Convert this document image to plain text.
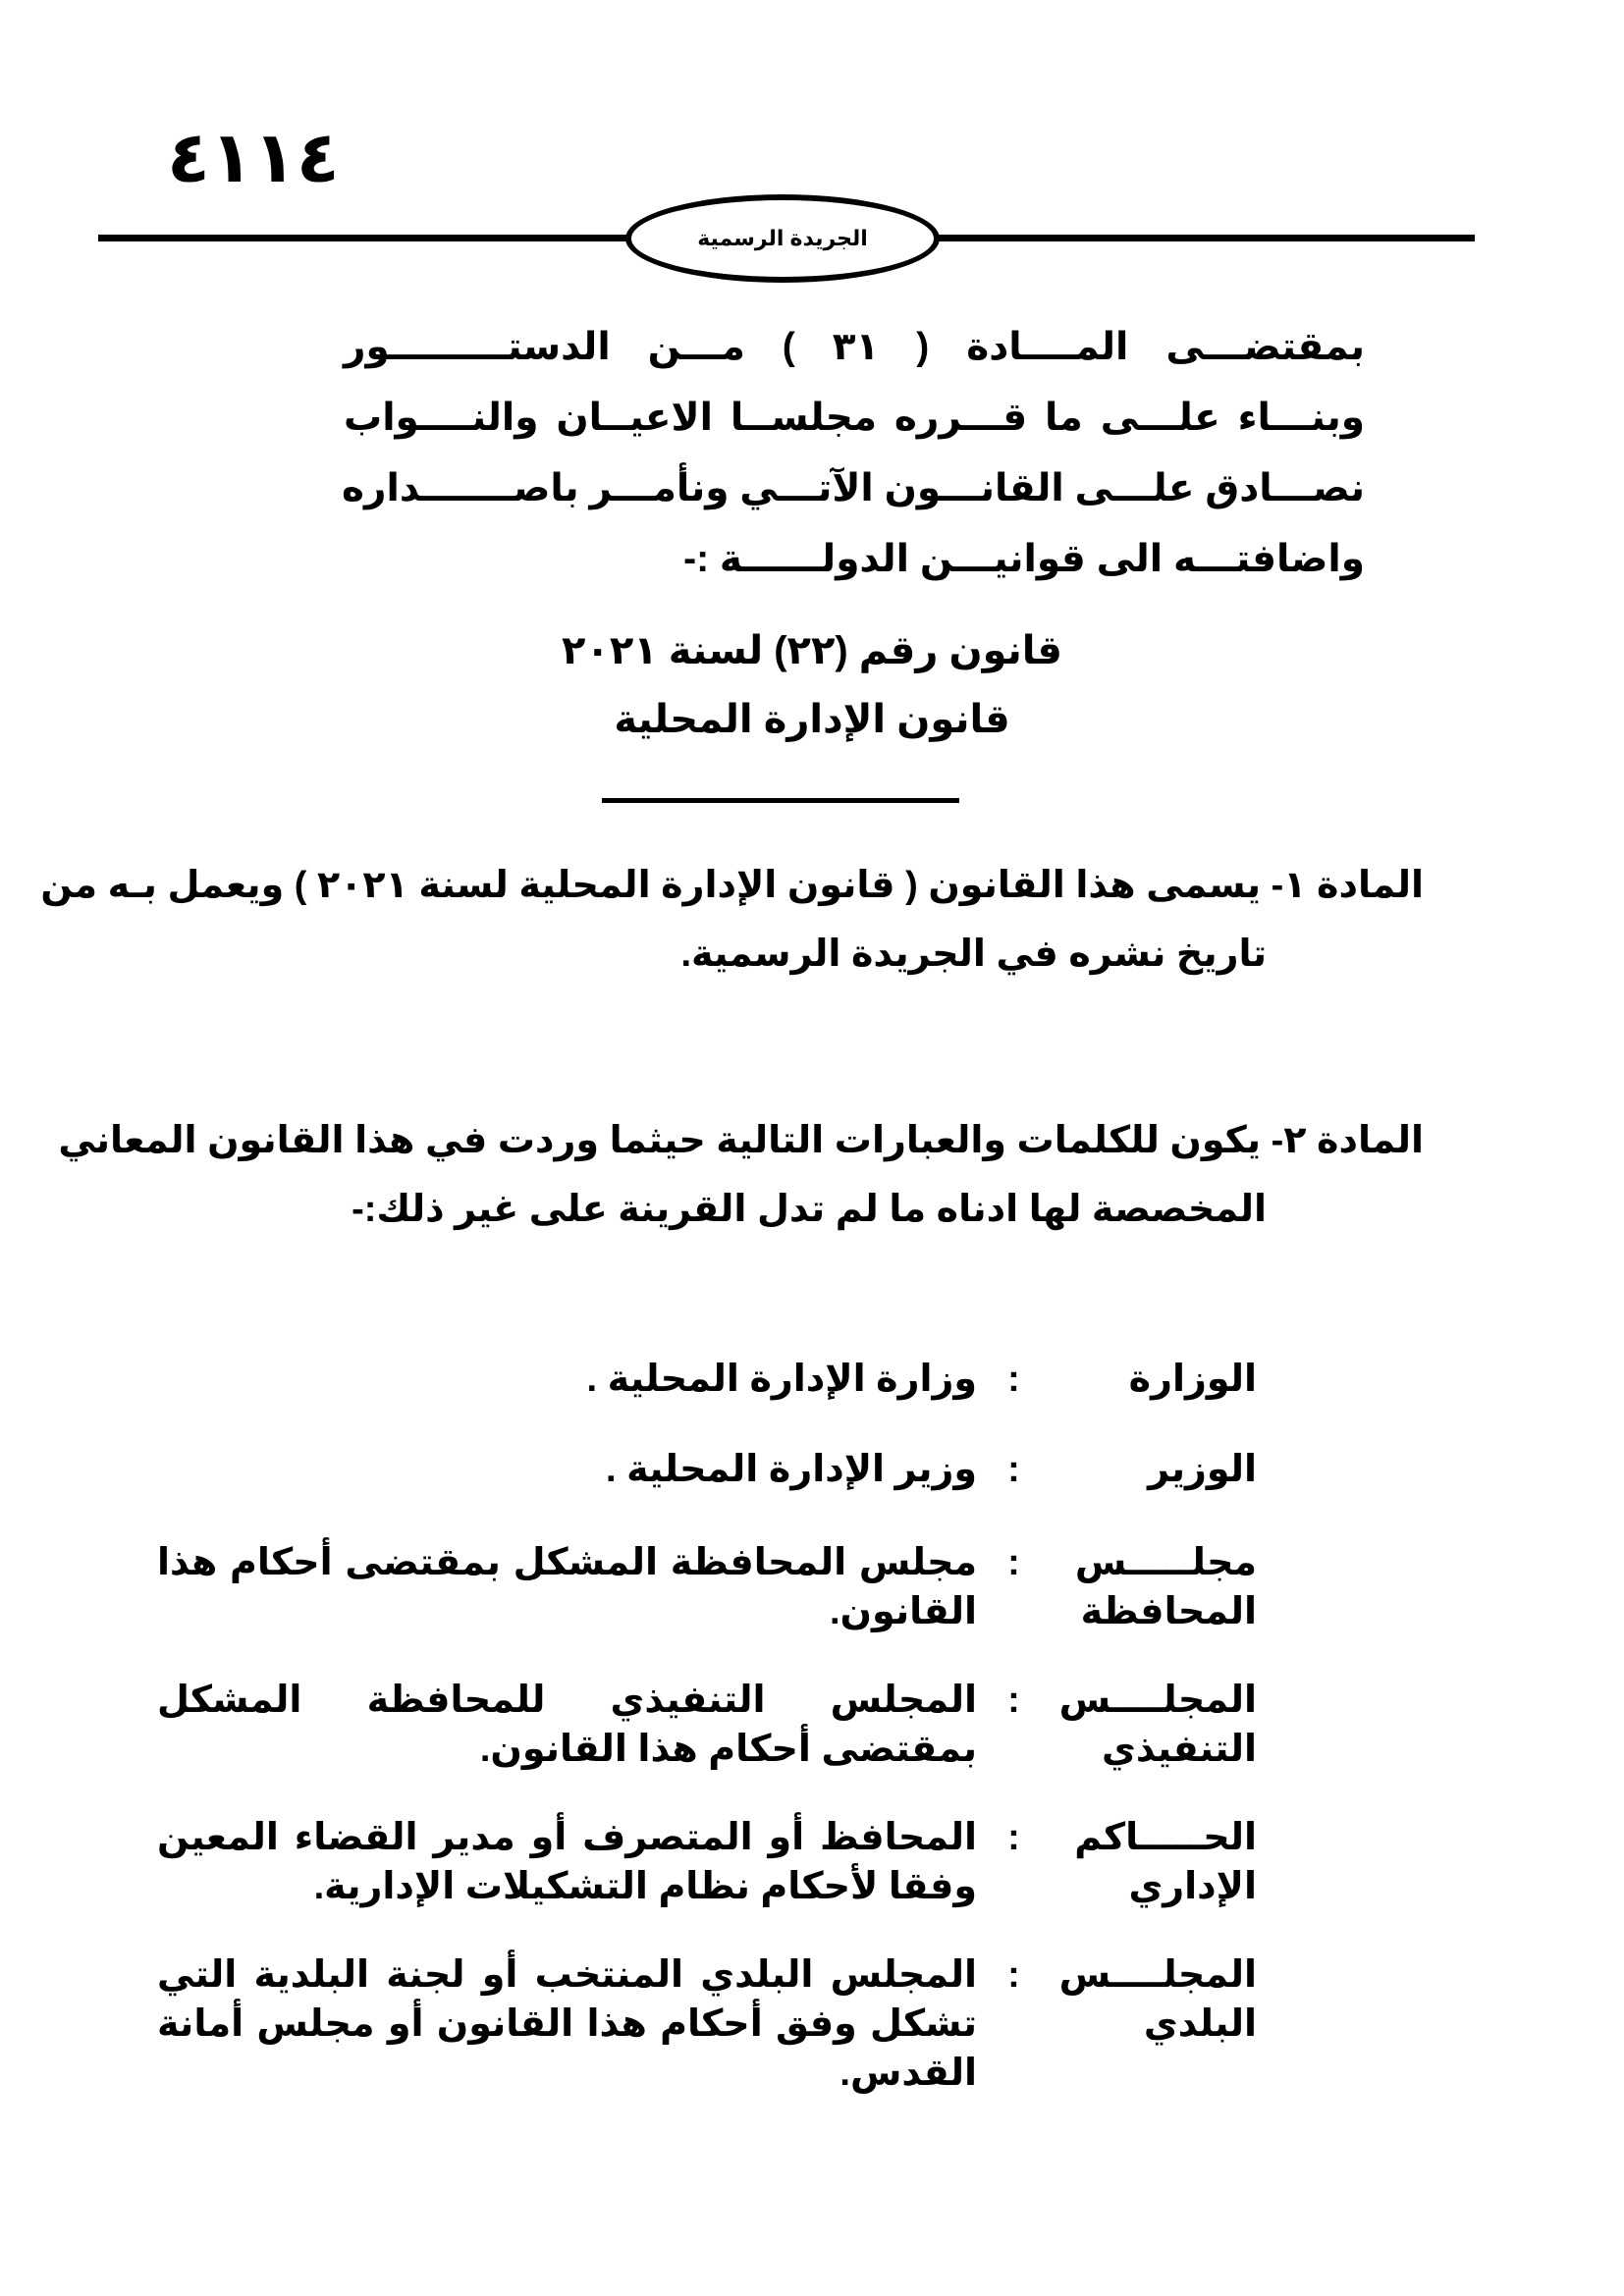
٤١١٤
الجريدة الرسمية
بمقتضـــى المــــادة ( ٣١ ) مـــن الدستـــــــــور
وبنـــاء علـــى ما قـــرره مجلســا الاعيــان والنــــواب
نصـــادق علـــى القانـــون الآتـــي ونأمـــر باصـــــــداره
واضافتـــه الى قوانيـــن الدولــــــة :-
قانون رقم (٢٢) لسنة ٢٠٢١
قانون الإدارة المحلية
المادة ١- يسمى هذا القانون ( قانون الإدارة المحلية لسنة ٢٠٢١ ) ويعمل بـه من
تاريخ نشره في الجريدة الرسمية.
المادة ٢- يكون للكلمات والعبارات التالية حيثما وردت في هذا القانون المعاني
المخصصة لها ادناه ما لم تدل القرينة على غير ذلك:-
الوزارة
:
وزارة الإدارة المحلية .
الوزير
:
وزير الإدارة المحلية .
مجلـــــس
المحافظة
:
مجلس المحافظة المشكل بمقتضى أحكام هذا القانون.
المجلــــس
التنفيذي
:
المجلس التنفيذي للمحافظة المشكل بمقتضى أحكام هذا القانون.
الحـــــاكم
الإداري
:
المحافظ أو المتصرف أو مدير القضاء المعين وفقا لأحكام نظام التشكيلات الإدارية.
المجلــــس
البلدي
:
المجلس البلدي المنتخب أو لجنة البلدية التي تشكل وفق أحكام هذا القانون أو مجلس أمانة القدس.
